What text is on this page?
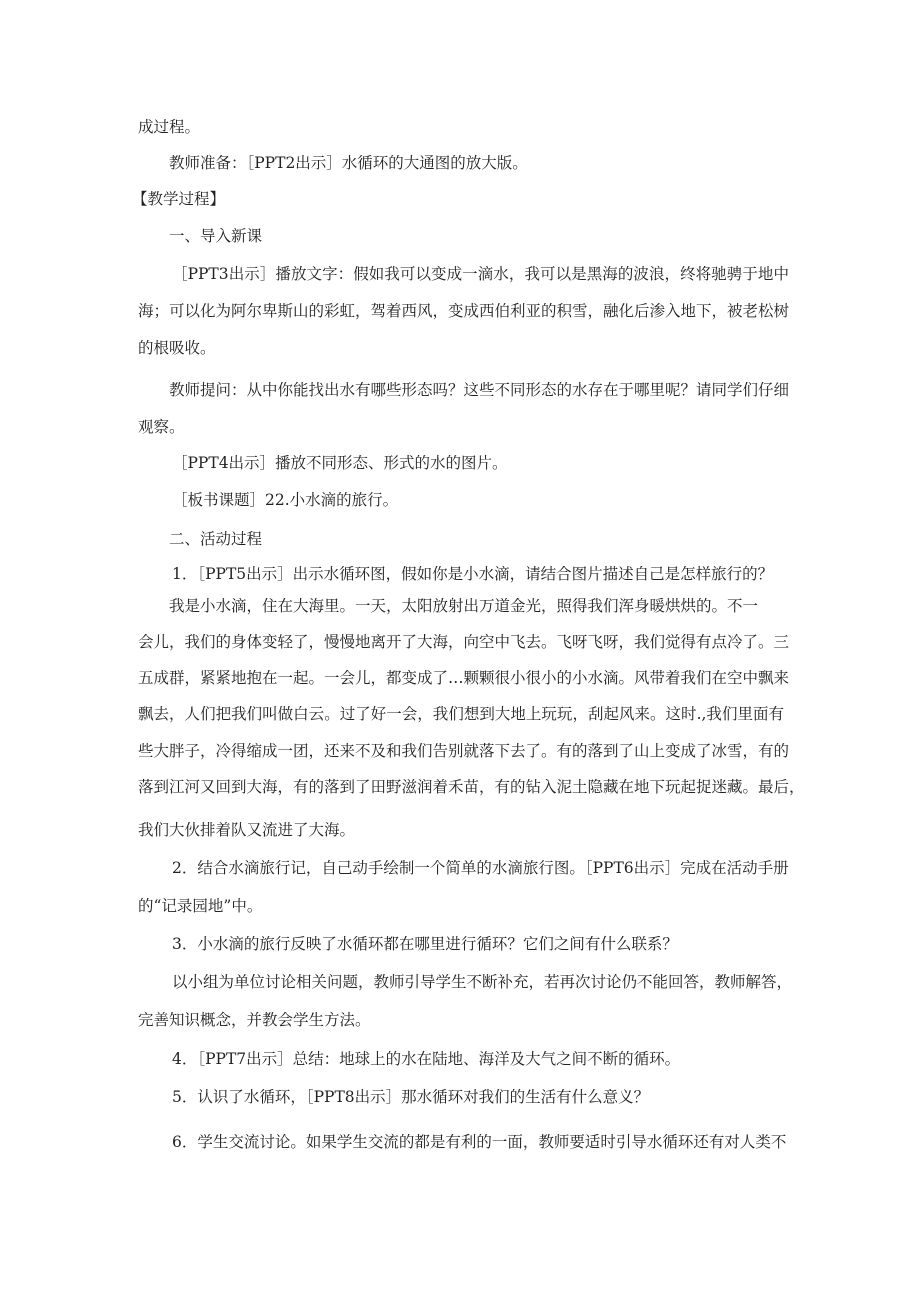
成过程。

教师准备：［PPT2出示］水循环的大通图的放大版。

【教学过程】

一、导入新课

［PPT3出示］播放文字：假如我可以变成一滴水，我可以是黑海的波浪，终将驰骋于地中

海；可以化为阿尔卑斯山的彩虹，驾着西风，变成西伯利亚的积雪，融化后渗入地下，被老松树

的根吸收。

教师提问：从中你能找出水有哪些形态吗？这些不同形态的水存在于哪里呢？请同学们仔细

观察。

［PPT4出示］播放不同形态、形式的水的图片。

［板书课题］22.小水滴的旅行。

二、活动过程

1．［PPT5出示］出示水循环图，假如你是小水滴，请结合图片描述自己是怎样旅行的？

我是小水滴，住在大海里。一天，太阳放射出万道金光，照得我们浑身暖烘烘的。不一

会儿，我们的身体变轻了，慢慢地离开了大海，向空中飞去。飞呀飞呀，我们觉得有点冷了。三

五成群，紧紧地抱在一起。一会儿，都变成了…颗颗很小很小的小水滴。风带着我们在空中飘来

飘去，人们把我们叫做白云。过了好一会，我们想到大地上玩玩，刮起风来。这时.,我们里面有

些大胖子，冷得缩成一团，还来不及和我们告别就落下去了。有的落到了山上变成了冰雪，有的

落到江河又回到大海，有的落到了田野滋润着禾苗，有的钻入泥土隐藏在地下玩起捉迷藏。最后，

我们大伙排着队又流进了大海。

2．结合水滴旅行记，自己动手绘制一个简单的水滴旅行图。［PPT6出示］完成在活动手册

的“记录园地”中。

3．小水滴的旅行反映了水循环都在哪里进行循环？它们之间有什么联系？

以小组为单位讨论相关问题，教师引导学生不断补充，若再次讨论仍不能回答，教师解答，

完善知识概念，并教会学生方法。

4．［PPT7出示］总结：地球上的水在陆地、海洋及大气之间不断的循环。

5．认识了水循环，［PPT8出示］那水循环对我们的生活有什么意义？

6．学生交流讨论。如果学生交流的都是有利的一面，教师要适时引导水循环还有对人类不
